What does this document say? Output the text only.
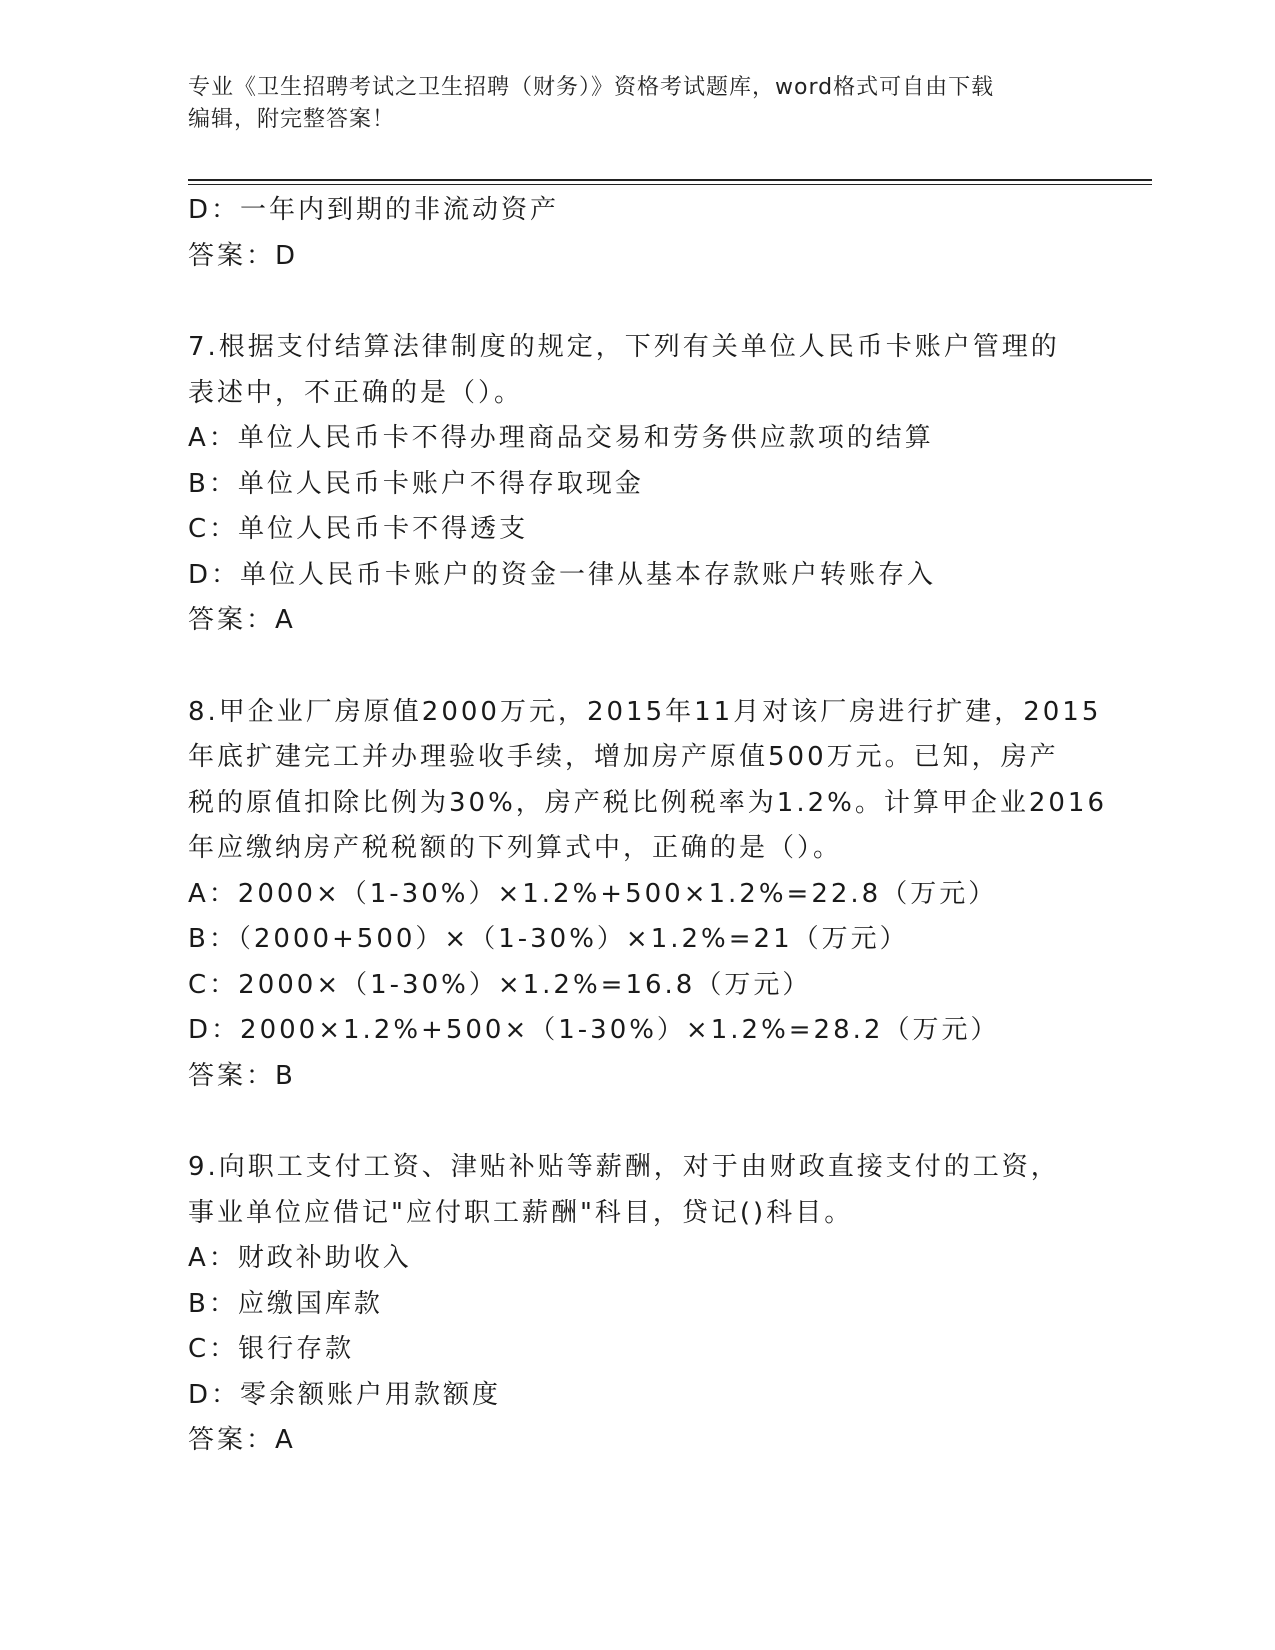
专业《卫生招聘考试之卫生招聘（财务）》资格考试题库，word格式可自由下载
编辑，附完整答案！
D：一年内到期的非流动资产
答案：D
7.根据支付结算法律制度的规定，下列有关单位人民币卡账户管理的
表述中，不正确的是（）。
A：单位人民币卡不得办理商品交易和劳务供应款项的结算
B：单位人民币卡账户不得存取现金
C：单位人民币卡不得透支
D：单位人民币卡账户的资金一律从基本存款账户转账存入
答案：A
8.甲企业厂房原值2000万元，2015年11月对该厂房进行扩建，2015
年底扩建完工并办理验收手续，增加房产原值500万元。已知，房产
税的原值扣除比例为30%，房产税比例税率为1.2%。计算甲企业2016
年应缴纳房产税税额的下列算式中，正确的是（）。
A：2000×（1-30%）×1.2%+500×1.2%=22.8（万元）
B：（2000+500）×（1-30%）×1.2%=21（万元）
C：2000×（1-30%）×1.2%=16.8（万元）
D：2000×1.2%+500×（1-30%）×1.2%=28.2（万元）
答案：B
9.向职工支付工资、津贴补贴等薪酬，对于由财政直接支付的工资，
事业单位应借记"应付职工薪酬"科目，贷记()科目。
A：财政补助收入
B：应缴国库款
C：银行存款
D：零余额账户用款额度
答案：A
